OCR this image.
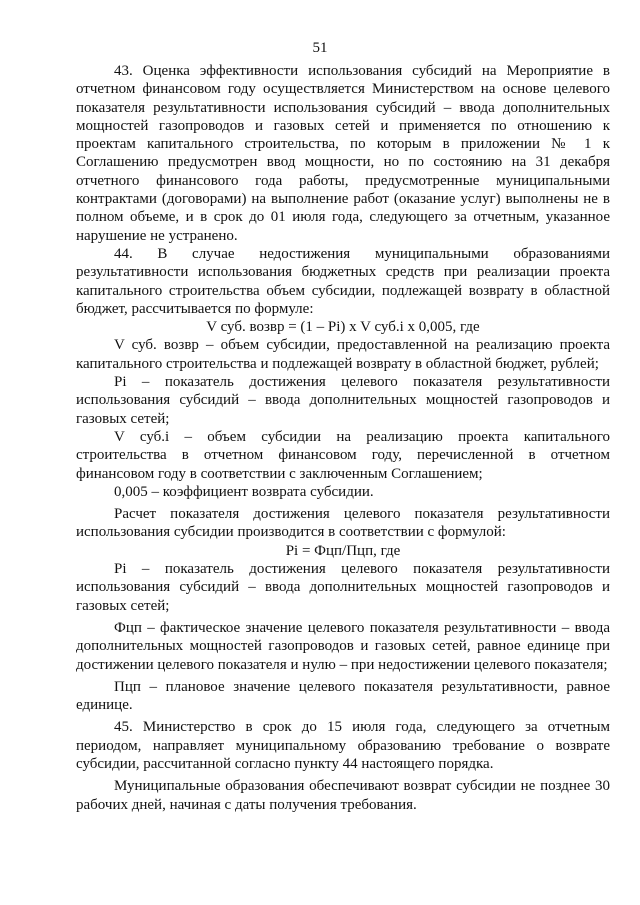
51

43. Оценка эффективности использования субсидий на Мероприятие в отчетном финансовом году осуществляется Министерством на основе целевого показателя результативности использования субсидий – ввода дополнительных мощностей газопроводов и газовых сетей и применяется по отношению к проектам капитального строительства, по которым в приложении № 1 к Соглашению предусмотрен ввод мощности, но по состоянию на 31 декабря отчетного финансового года работы, предусмотренные муниципальными контрактами (договорами) на выполнение работ (оказание услуг) выполнены не в полном объеме, и в срок до 01 июля года, следующего за отчетным, указанное нарушение не устранено.

44. В случае недостижения муниципальными образованиями результативности использования бюджетных средств при реализации проекта капитального строительства объем субсидии, подлежащей возврату в областной бюджет, рассчитывается по формуле:

V суб. возвр = (1 – Pi) x V суб.i x 0,005, где

V суб. возвр – объем субсидии, предоставленной на реализацию проекта капитального строительства и подлежащей возврату в областной бюджет, рублей;

Pi – показатель достижения целевого показателя результативности использования субсидий – ввода дополнительных мощностей газопроводов и газовых сетей;

V суб.i – объем субсидии на реализацию проекта капитального строительства в отчетном финансовом году, перечисленной в отчетном финансовом году в соответствии с заключенным Соглашением;

0,005 – коэффициент возврата субсидии.

Расчет показателя достижения целевого показателя результативности использования субсидии производится в соответствии с формулой:

Pi = Фцп/Пцп, где

Pi – показатель достижения целевого показателя результативности использования субсидий – ввода дополнительных мощностей газопроводов и газовых сетей;

Фцп – фактическое значение целевого показателя результативности – ввода дополнительных мощностей газопроводов и газовых сетей, равное единице при достижении целевого показателя и нулю – при недостижении целевого показателя;

Пцп – плановое значение целевого показателя результативности, равное единице.

45. Министерство в срок до 15 июля года, следующего за отчетным периодом, направляет муниципальному образованию требование о возврате субсидии, рассчитанной согласно пункту 44 настоящего порядка.

Муниципальные образования обеспечивают возврат субсидии не позднее 30 рабочих дней, начиная с даты получения требования.
